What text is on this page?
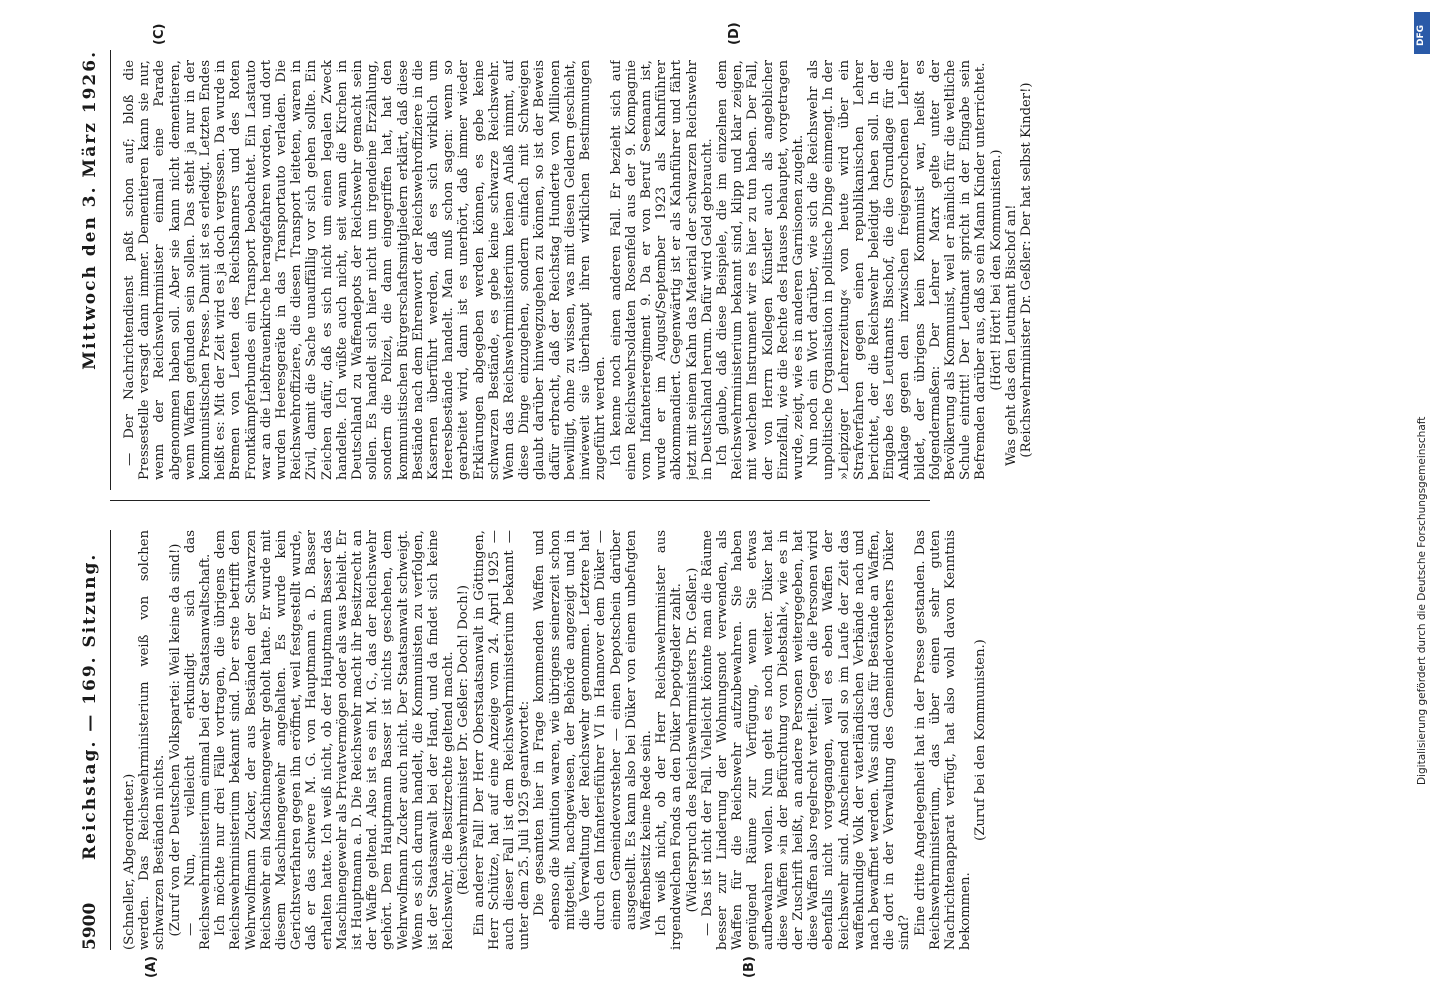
5900
Reichstag. — 169. Sitzung.
Mittwoch den 3. März 1926.
(A)	(B)
(C)	(D)

(Schneller, Abgeordneter.) werden. Das Reichswehrministerium weiß von solchen schwarzen Beständen nichts. (Zuruf von der Deutschen Volkspartei: Weil keine da sind!) — Nun, vielleicht erkundigt sich das Reichswehrministerium einmal bei der Staatsanwaltschaft. Ich möchte nur drei Fälle vortragen, die übrigens dem Reichswehrministerium bekannt sind. Der erste betrifft den Wehrwolfmann Zucker, der aus Beständen der Schwarzen Reichswehr ein Maschinengewehr geholt hatte. Er wurde mit diesem Maschinengewehr angehalten. Es wurde kein Gerichtsverfahren gegen ihn eröffnet, weil festgestellt wurde, daß er das schwere M. G. von Hauptmann a. D. Basser erhalten hatte. Ich weiß nicht, ob der Hauptmann Basser das Maschinengewehr als Privatvermögen oder als was behielt. Er ist Hauptmann a. D. Die Reichswehr macht ihr Besitzrecht an der Waffe geltend. Also ist es ein M. G., das der Reichswehr gehört. Dem Hauptmann Basser ist nichts geschehen, dem Wehrwolfmann Zucker auch nicht. Der Staatsanwalt schweigt. Wenn es sich darum handelt, die Kommunisten zu verfolgen, ist der Staatsanwalt bei der Hand, und da findet sich keine Reichswehr, die Besitzrechte geltend macht. (Reichswehrminister Dr. Geßler: Doch! Doch!) Ein anderer Fall! Der Herr Oberstaatsanwalt in Göttingen, Herr Schütze, hat auf eine Anzeige vom 24. April 1925 — auch dieser Fall ist dem Reichswehrministerium bekannt — unter dem 25. Juli 1925 geantwortet: Die gesamten hier in Frage kommenden Waffen und ebenso die Munition waren, wie übrigens seinerzeit schon mitgeteilt, nachgewiesen, der Behörde angezeigt und in die Verwaltung der Reichswehr genommen. Letztere hat durch den Infanterieführer VI in Hannover dem Düker — einem Gemeindevorsteher — einen Depotschein darüber ausgestellt. Es kann also bei Düker von einem unbefugten Waffenbesitz keine Rede sein. Ich weiß nicht, ob der Herr Reichswehrminister aus irgendwelchen Fonds an den Düker Depotgelder zahlt. (Widerspruch des Reichswehrministers Dr. Geßler.) — Das ist nicht der Fall. Vielleicht könnte man die Räume besser zur Linderung der Wohnungsnot verwenden, als Waffen für die Reichswehr aufzubewahren. Sie haben genügend Räume zur Verfügung, wenn Sie etwas aufbewahren wollen. Nun geht es noch weiter. Düker hat diese Waffen »in der Befürchtung von Diebstahl«, wie es in der Zuschrift heißt, an andere Personen weitergegeben, hat diese Waffen also regelrecht verteilt. Gegen die Personen wird ebenfalls nicht vorgegangen, weil es eben Waffen der Reichswehr sind. Anscheinend soll so im Laufe der Zeit das waffenkundige Volk der vaterländischen Verbände nach und nach bewaffnet werden. Was sind das für Bestände an Waffen, die dort in der Verwaltung des Gemeindevorstehers Düker sind? Eine dritte Angelegenheit hat in der Presse gestanden. Das Reichswehrministerium, das über einen sehr guten Nachrichtenapparat verfügt, hat also wohl davon Kenntnis bekommen.

(Zuruf bei den Kommunisten.)

— Der Nachrichtendienst paßt schon auf; bloß die Pressestelle versagt dann immer. Dementieren kann sie nur, wenn der Reichswehrminister einmal eine Parade abgenommen haben soll. Aber sie kann nicht dementieren, wenn Waffen gefunden sein sollen. Das steht ja nur in der kommunistischen Presse. Damit ist es erledigt. Letzten Endes heißt es: Mit der Zeit wird es ja doch vergessen. Da wurde in Bremen von Leuten des Reichsbanners und des Roten Frontkämpferbundes ein Transport beobachtet. Ein Lastauto war an die Liebfrauenkirche herangefahren worden, und dort wurden Heeresgeräte in das Transportauto verladen. Die Reichswehroffiziere, die diesen Transport leiteten, waren in Zivil, damit die Sache unauffällig vor sich gehen sollte. Ein Zeichen dafür, daß es sich nicht um einen legalen Zweck handelte. Ich wüßte auch nicht, seit wann die Kirchen in Deutschland zu Waffendepots der Reichswehr gemacht sein sollen. Es handelt sich hier nicht um irgendeine Erzählung, sondern die Polizei, die dann eingegriffen hat, hat den kommunistischen Bürgerschaftsmitgliedern erklärt, daß diese Bestände nach dem Ehrenwort der Reichswehroffiziere in die Kasernen überführt werden, daß es sich wirklich um Heeresbestände handelt. Man muß schon sagen: wenn so gearbeitet wird, dann ist es unerhört, daß immer wieder Erklärungen abgegeben werden können, es gebe keine schwarzen Bestände, es gebe keine schwarze Reichswehr. Wenn das Reichswehrministerium keinen Anlaß nimmt, auf diese Dinge einzugehen, sondern einfach mit Schweigen glaubt darüber hinwegzugehen zu können, so ist der Beweis dafür erbracht, daß der Reichstag Hunderte von Millionen bewilligt, ohne zu wissen, was mit diesen Geldern geschieht, inwieweit sie überhaupt ihren wirklichen Bestimmungen zugeführt werden. Ich kenne noch einen anderen Fall. Er bezieht sich auf einen Reichswehrsoldaten Rosenfeld aus der 9. Kompagnie vom Infanterieregiment 9. Da er von Beruf Seemann ist, wurde er im August/September 1923 als Kahnführer abkommandiert. Gegenwärtig ist er als Kahnführer und fährt jetzt mit seinem Kahn das Material der schwarzen Reichswehr in Deutschland herum. Dafür wird Geld gebraucht. Ich glaube, daß diese Beispiele, die im einzelnen dem Reichswehrministerium bekannt sind, klipp und klar zeigen, mit welchem Instrument wir es hier zu tun haben. Der Fall, der von Herrn Kollegen Künstler auch als angeblicher Einzelfall, wie die Rechte des Hauses behauptet, vorgetragen wurde, zeigt, wie es in anderen Garnisonen zugeht. Nun noch ein Wort darüber, wie sich die Reichswehr als unpolitische Organisation in politische Dinge einmengt. In der »Leipziger Lehrerzeitung« von heute wird über ein Strafverfahren gegen einen republikanischen Lehrer berichtet, der die Reichswehr beleidigt haben soll. In der Eingabe des Leutnants Bischof, die die Grundlage für die Anklage gegen den inzwischen freigesprochenen Lehrer bildet, der übrigens kein Kommunist war, heißt es folgendermaßen: Der Lehrer Marx gelte unter der Bevölkerung als Kommunist, weil er nämlich für die weltliche Schule eintritt! Der Leutnant spricht in der Eingabe sein Befremden darüber aus, daß so ein Mann Kinder unterrichtet. (Hört! Hört! bei den Kommunisten.) Was geht das den Leutnant Bischof an! (Reichswehrminister Dr. Geßler: Der hat selbst Kinder!)

DFG
Digitalisierung gefördert durch die Deutsche Forschungsgemeinschaft
